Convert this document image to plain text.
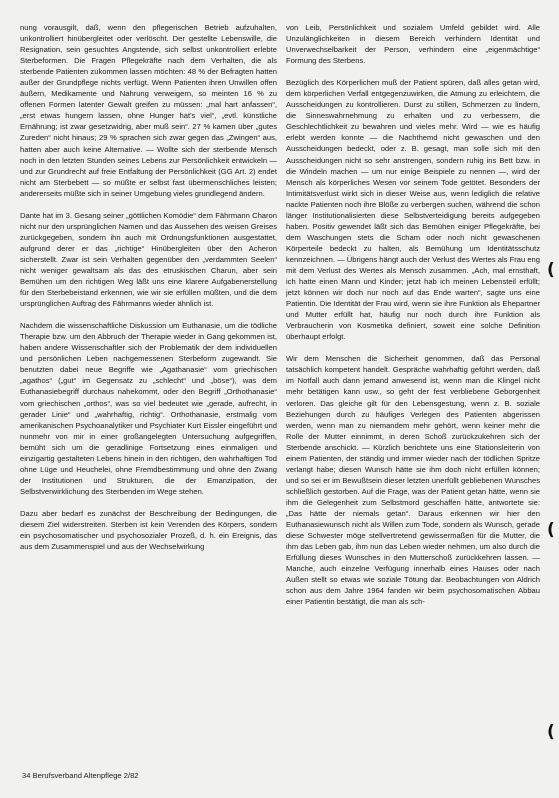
nung vorausgilt, daß, wenn den pflegerischen Betrieb aufzuhalten, unkontrolliert hinübergleitet oder verlöscht. Der gestellte Lebenswille, die Resignation, sein gesuchtes Angstende, sich selbst unkontrolliert erlebte Sterbeformen. Die Fragen Pflegekräfte nach dem Verhalten, die als sterbende Patienten zukommen lassen möchten: 48 % der Befragten hatten außer der Grundpflege nichts verfügt. Wenn Patienten ihren Unwillen offen äußern, Medikamente und Nahrung verweigern, so meinten 16 % zu offenen Formen latenter Gewalt greifen zu müssen: „mal hart anfassen“, „erst etwas hungern lassen, ohne Hunger hat's viel“, „evtl. künstliche Ernährung; ist zwar gesetzwidrig, aber muß sein“. 27 % kamen über „gutes Zureden“ nicht hinaus; 29 % sprachen sich zwar gegen das „Zwingen“ aus, hatten aber auch keine Alternative. — Wollte sich der sterbende Mensch noch in den letzten Stunden seines Lebens zur Persönlichkeit entwickeln — und zur Grundrecht auf freie Entfaltung der Persönlichkeit (GG Art. 2) endet nicht am Sterbebett — so müßte er selbst fast übermenschliches leisten; andererseits müßte sich in seiner Umgebung vieles grundlegend ändern.

Dante hat im 3. Gesang seiner „göttlichen Komödie“ dem Fährmann Charon nicht nur den ursprünglichen Namen und das Aussehen des weisen Greises zurückgegeben, sondern ihn auch mit Ordnungsfunktionen ausgestattet, aufgrund derer er das „richtige“ Hinübergleiten über den Acheron sicherstellt. Zwar ist sein Verhalten gegenüber den „verdammten Seelen“ nicht weniger gewaltsam als das des etruskischen Charun, aber sein Bemühen um den richtigen Weg läßt uns eine klarere Aufgabenerstellung für den Sterbebeistand erkennen, wie wir sie erfüllen müßten, und die dem ursprünglichen Auftrag des Fährmanns wieder ähnlich ist.

Nachdem die wissenschaftliche Diskussion um Euthanasie, um die tödliche Therapie bzw. um den Abbruch der Therapie wieder in Gang gekommen ist, haben andere Wissenschaftler sich der Problematik der dem individuellen und persönlichen Leben nachgemessenen Sterbeform zugewandt. Sie benutzten dabei neue Begriffe wie „Agathanasie“ vom griechischen „agathos“ („gut“ im Gegensatz zu „schlecht“ und „böse“), was dem Euthanasiebegriff durchaus nahekommt, oder den Begriff „Orthothanasie“ vom griechischen „orthos“, was so viel bedeutet wie „gerade, aufrecht, in gerader Linie“ und „wahrhaftig, richtig“. Orthothanasie, erstmalig vom amerikanischen Psychoanalytiker und Psychiater Kurt Eissler eingeführt und nunmehr von mir in einer großangelegten Untersuchung aufgegriffen, bemüht sich um die geradlinige Fortsetzung eines einmaligen und einzigartig gestalteten Lebens hinein in den richtigen, den wahrhaftigen Tod ohne Lüge und Heuchelei, ohne Fremdbestimmung und ohne den Zwang der Institutionen und Strukturen, die der Emanzipation, der Selbstverwirklichung des Sterbenden im Wege stehen.

Dazu aber bedarf es zunächst der Beschreibung der Bedingungen, die diesem Ziel widerstreiten. Sterben ist kein Verenden des Körpers, sondern ein psychosomatischer und psychosozialer Prozeß, d. h. ein Ereignis, das aus dem Zusammenspiel und aus der Wechselwirkung

von Leib, Persönlichkeit und sozialem Umfeld gebildet wird. Alle Unzulänglichkeiten in diesem Bereich verhindern Identität und Unverwechselbarkeit der Person, verhindern eine „eigenmächtige“ Formung des Sterbens.

Bezüglich des Körperlichen muß der Patient spüren, daß alles getan wird, dem körperlichen Verfall entgegenzuwirken, die Atmung zu erleichtern, die Ausscheidungen zu kontrollieren. Durst zu stillen, Schmerzen zu lindern, die Sinneswahrnehmung zu erhalten und zu verbessern, die Geschlechtlichkeit zu bewahren und vieles mehr. Wird — wie es häufig erlebt werden konnte — die Nachthemd nicht gewaschen und den Ausscheidungen bedeckt, oder z. B. gesagt, man solle sich mit den Ausscheidungen nicht so sehr anstrengen, sondern ruhig ins Bett bzw. in die Windeln machen — um nur einige Beispiele zu nennen —, wird der Mensch als körperliches Wesen vor seinem Tode getötet. Besonders der Intimitätsverlust wirkt sich in dieser Weise aus, wenn lediglich die relative nackte Patienten noch ihre Blöße zu verbergen suchen, während die schon länger Institutionalisierten diese Selbstverteidigung bereits aufgegeben haben. Positiv gewendet läßt sich das Bemühen einiger Pflegekräfte, bei dem Waschungen stets die Scham oder noch nicht gewaschenen Körperteile bedeckt zu halten, als Bemühung um Identitätsschutz kennzeichnen. — Übrigens hängt auch der Verlust des Wertes als Frau eng mit dem Verlust des Wertes als Mensch zusammen. „Ach, mal ernsthaft, ich hatte einen Mann und Kinder; jetzt hab ich meinen Lebensteil erfüllt; jetzt können wir doch nur noch auf das Ende warten“, sagte uns eine Patientin. Die Identität der Frau wird, wenn sie ihre Funktion als Ehepartner und Mutter erfüllt hat, häufig nur noch durch ihre Funktion als Verbraucherin von Kosmetika definiert, soweit eine solche Definition überhaupt erfolgt.

Wir dem Menschen die Sicherheit genommen, daß das Personal tatsächlich kompetent handelt. Gespräche wahrhaftig geführt werden, daß im Notfall auch dann jemand anwesend ist, wenn man die Klingel nicht mehr betätigen kann usw., so geht der fest verbliebene Geborgenheit verloren. Das gleiche gilt für den Lebensgestung, wenn z. B. soziale Beziehungen durch zu häufiges Verlegen des Patienten abgerissen werden, wenn man zu niemandem mehr gehört, wenn keiner mehr die Rolle der Mutter einnimmt, in deren Schoß zurückzukehren sich der Sterbende anschickt. — Kürzlich berichtete uns eine Stationsleiterin von einem Patienten, der ständig und immer wieder nach der tödlichen Spritze verlangt habe; diesen Wunsch hätte sie ihm doch nicht erfüllen können; und so sei er im Bewußtsein dieser letzten unerfüllt gebliebenen Wunsches schließlich gestorben. Auf die Frage, was der Patient getan hätte, wenn sie ihm die Gelegenheit zum Selbstmord geschaffen hätte, antwortete sie: „Das hätte der niemals getan“. Daraus erkennen wir hier den Euthanasiewunsch nicht als Willen zum Tode, sondern als Wunsch, gerade diese Schwester möge stellvertretend gewissermaßen für die Mutter, die ihm das Leben gab, ihm nun das Leben wieder nehmen, um also durch die Erfüllung dieses Wunsches in den Mutterschoß zurückkehren lassen. — Manche, auch einzelne Verfügung innerhalb eines Hauses oder nach Außen stellt so etwas wie soziale Tötung dar. Beobachtungen von Aldrich schon aus dem Jahre 1964 fanden wir beim psychosomatischen Abbau einer Patientin bestätigt, die man als sch-

34 Berufsverband Altenpflege 2/82
(
(
(
